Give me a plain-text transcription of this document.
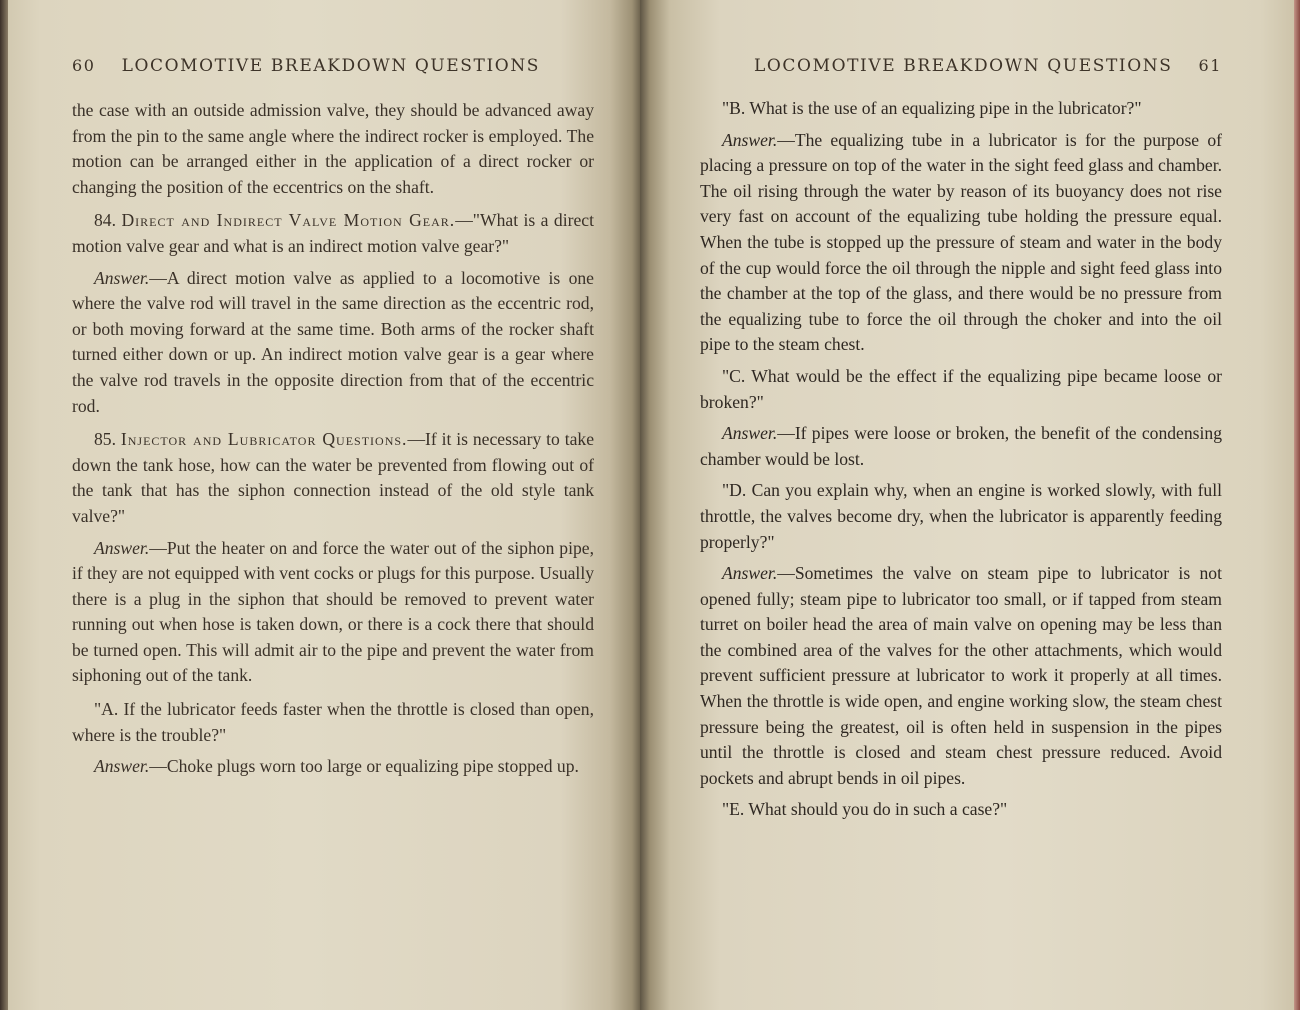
60 LOCOMOTIVE BREAKDOWN QUESTIONS

the case with an outside admission valve, they should be advanced away from the pin to the same angle where the indirect rocker is employed. The motion can be arranged either in the application of a direct rocker or changing the position of the eccentrics on the shaft.

84. Direct and Indirect Valve Motion Gear.—"What is a direct motion valve gear and what is an indirect motion valve gear?"

Answer.—A direct motion valve as applied to a locomotive is one where the valve rod will travel in the same direction as the eccentric rod, or both moving forward at the same time. Both arms of the rocker shaft turned either down or up. An indirect motion valve gear is a gear where the valve rod travels in the opposite direction from that of the eccentric rod.

85. Injector and Lubricator Questions.—If it is necessary to take down the tank hose, how can the water be prevented from flowing out of the tank that has the siphon connection instead of the old style tank valve?"

Answer.—Put the heater on and force the water out of the siphon pipe, if they are not equipped with vent cocks or plugs for this purpose. Usually there is a plug in the siphon that should be removed to prevent water running out when hose is taken down, or there is a cock there that should be turned open. This will admit air to the pipe and prevent the water from siphoning out of the tank.

"A. If the lubricator feeds faster when the throttle is closed than open, where is the trouble?"

Answer.—Choke plugs worn too large or equalizing pipe stopped up.

LOCOMOTIVE BREAKDOWN QUESTIONS 61

"B. What is the use of an equalizing pipe in the lubricator?"

Answer.—The equalizing tube in a lubricator is for the purpose of placing a pressure on top of the water in the sight feed glass and chamber. The oil rising through the water by reason of its buoyancy does not rise very fast on account of the equalizing tube holding the pressure equal. When the tube is stopped up the pressure of steam and water in the body of the cup would force the oil through the nipple and sight feed glass into the chamber at the top of the glass, and there would be no pressure from the equalizing tube to force the oil through the choker and into the oil pipe to the steam chest.

"C. What would be the effect if the equalizing pipe became loose or broken?"

Answer.—If pipes were loose or broken, the benefit of the condensing chamber would be lost.

"D. Can you explain why, when an engine is worked slowly, with full throttle, the valves become dry, when the lubricator is apparently feeding properly?"

Answer.—Sometimes the valve on steam pipe to lubricator is not opened fully; steam pipe to lubricator too small, or if tapped from steam turret on boiler head the area of main valve on opening may be less than the combined area of the valves for the other attachments, which would prevent sufficient pressure at lubricator to work it properly at all times. When the throttle is wide open, and engine working slow, the steam chest pressure being the greatest, oil is often held in suspension in the pipes until the throttle is closed and steam chest pressure reduced. Avoid pockets and abrupt bends in oil pipes.

"E. What should you do in such a case?"
